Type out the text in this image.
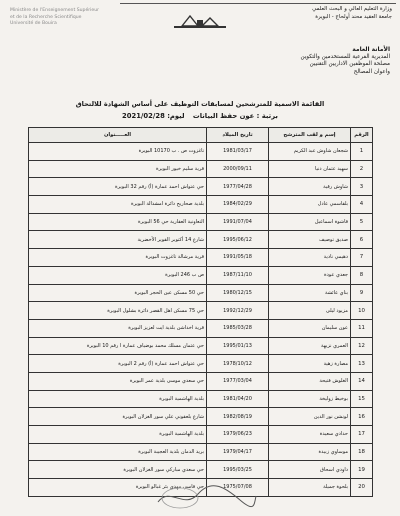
وزارة التعليم العالي و البحث العلمي
جامعة العقيد محند أولحاج - البويرة
Ministère de l'Enseignement Supérieur
et de la Recherche Scientifique
Université de Bouira
الأمانة العامة
المديرية الفرعية للمستخدمين والتكوين
مصلحة الموظفين الاداريين التقنيين
واعوان المصالح
القائمة الاسمية للمترشحين لمسابقات التوظيف على أساس الشهادة للالتحاق
برتبة : عون حفظ البيانات ليوم: 2021/02/28
الرقم	إسم و لقب المترشح	تاريخ الميلاد	العـــــنوان
1	شجعان شاوش عبد الكريم	1981/03/17	تاغزوت ص . ب 10170 البويرة
2	سهيد عثمان دنيا	2000/09/11	قرية سليم خيور البويرة
3	شاوش رقية	1977/04/28	حي عتواش احمد عمارة (أ) رقم 32 البويرة
4	بلقاسمي عادل	1984/02/29	بلدية صحاريج دائرة امشدالة البويرة
5	قاشوة اسماعيل	1991/07/04	التعاونية العقارية حي 56 البويرة
6	صديق توصيف	1995/06/12	شارع 14 أكتوبر القوير الأخضرية
7	دهيمي نادية	1991/05/18	قرية مرشالة تاغزوت البويرة
8	جعدي عودة	1987/11/10	ص ب 246 البويرة
9	بناي عائشة	1980/12/15	حي 50 مسكن عين الحجر البويرة
10	مزيود ليلى	1992/12/29	حي 75 مسكن اهل القصر دائرة بشلول البويرة
11	عون سليمان	1985/03/28	قرية اخداشن بلدية ايت لعزيز البويرة
12	العمري نزيهة	1995/01/13	حي عثمان مسلك محمد بوضياف عمارة ا رقم 10 البويرة
13	مصارة زهية	1978/10/12	حي عتواش احمد عمارة (أ) رقم 2 البويرة
14	الغلوش فتيحة	1977/03/04	حي سعدي موسى بلدية عمر البويرة
15	بوخيط زوليخة	1981/04/20	بلدية الهاشمية البويرة
16	لونشن نور الدين	1982/08/19	شارع بلعقوني علي سور الغزلان البويرة
17	حدادي سعيدة	1979/06/23	بلدية الهاشمية البويرة
18	موساوي زبيدة	1979/04/17	بريد الدمان بلدية العجيبة البويرة
19	داودي اسحاق	1995/03/25	حي سعدي مباركي سور الغزلان البويرة
20	بلحوة جميلة	1975/07/08	حي قاسي مهدي بئر غبالو البويرة
